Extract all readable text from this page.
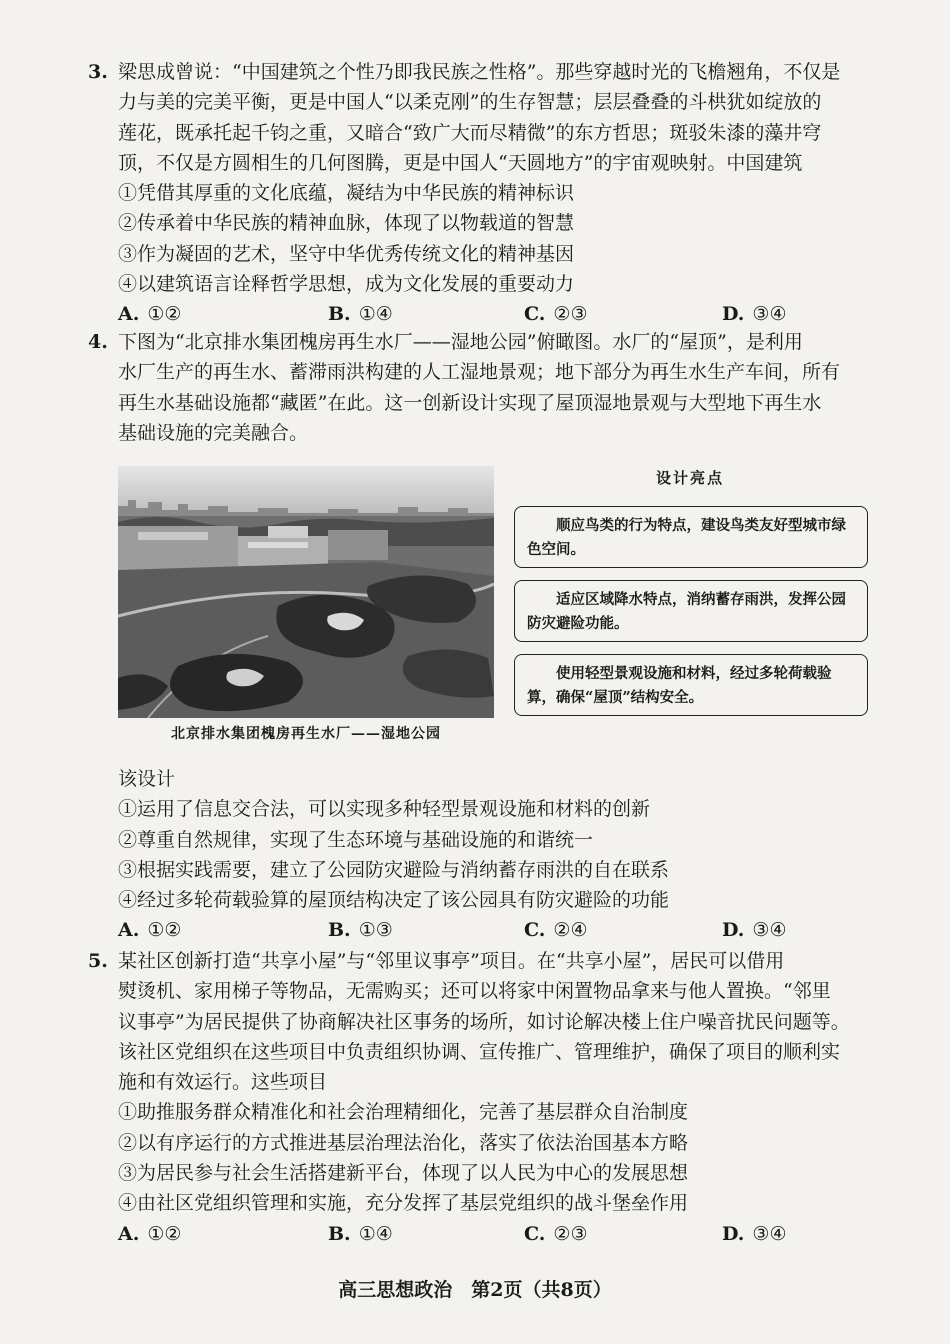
3. 梁思成曾说：“中国建筑之个性乃即我民族之性格”。那些穿越时光的飞檐翘角，不仅是
力与美的完美平衡，更是中国人“以柔克刚”的生存智慧；层层叠叠的斗栱犹如绽放的
莲花，既承托起千钧之重，又暗合“致广大而尽精微”的东方哲思；斑驳朱漆的藻井穹
顶，不仅是方圆相生的几何图腾，更是中国人“天圆地方”的宇宙观映射。中国建筑
①凭借其厚重的文化底蕴，凝结为中华民族的精神标识
②传承着中华民族的精神血脉，体现了以物载道的智慧
③作为凝固的艺术，坚守中华优秀传统文化的精神基因
④以建筑语言诠释哲学思想，成为文化发展的重要动力
A. ①②	B. ①④	C. ②③	D. ③④
4. 下图为“北京排水集团槐房再生水厂——湿地公园”俯瞰图。水厂的“屋顶”，是利用
水厂生产的再生水、蓄滞雨洪构建的人工湿地景观；地下部分为再生水生产车间，所有
再生水基础设施都“藏匿”在此。这一创新设计实现了屋顶湿地景观与大型地下再生水
基础设施的完美融合。
北京排水集团槐房再生水厂——湿地公园
设计亮点
顺应鸟类的行为特点，建设鸟类友好型城市绿色空间。
适应区域降水特点，消纳蓄存雨洪，发挥公园防灾避险功能。
使用轻型景观设施和材料，经过多轮荷载验算，确保“屋顶”结构安全。
该设计
①运用了信息交合法，可以实现多种轻型景观设施和材料的创新
②尊重自然规律，实现了生态环境与基础设施的和谐统一
③根据实践需要，建立了公园防灾避险与消纳蓄存雨洪的自在联系
④经过多轮荷载验算的屋顶结构决定了该公园具有防灾避险的功能
A. ①②	B. ①③	C. ②④	D. ③④
5. 某社区创新打造“共享小屋”与“邻里议事亭”项目。在“共享小屋”，居民可以借用
熨烫机、家用梯子等物品，无需购买；还可以将家中闲置物品拿来与他人置换。“邻里
议事亭”为居民提供了协商解决社区事务的场所，如讨论解决楼上住户噪音扰民问题等。
该社区党组织在这些项目中负责组织协调、宣传推广、管理维护，确保了项目的顺利实
施和有效运行。这些项目
①助推服务群众精准化和社会治理精细化，完善了基层群众自治制度
②以有序运行的方式推进基层治理法治化，落实了依法治国基本方略
③为居民参与社会生活搭建新平台，体现了以人民为中心的发展思想
④由社区党组织管理和实施，充分发挥了基层党组织的战斗堡垒作用
A. ①②	B. ①④	C. ②③	D. ③④
高三思想政治　第2页（共8页）
